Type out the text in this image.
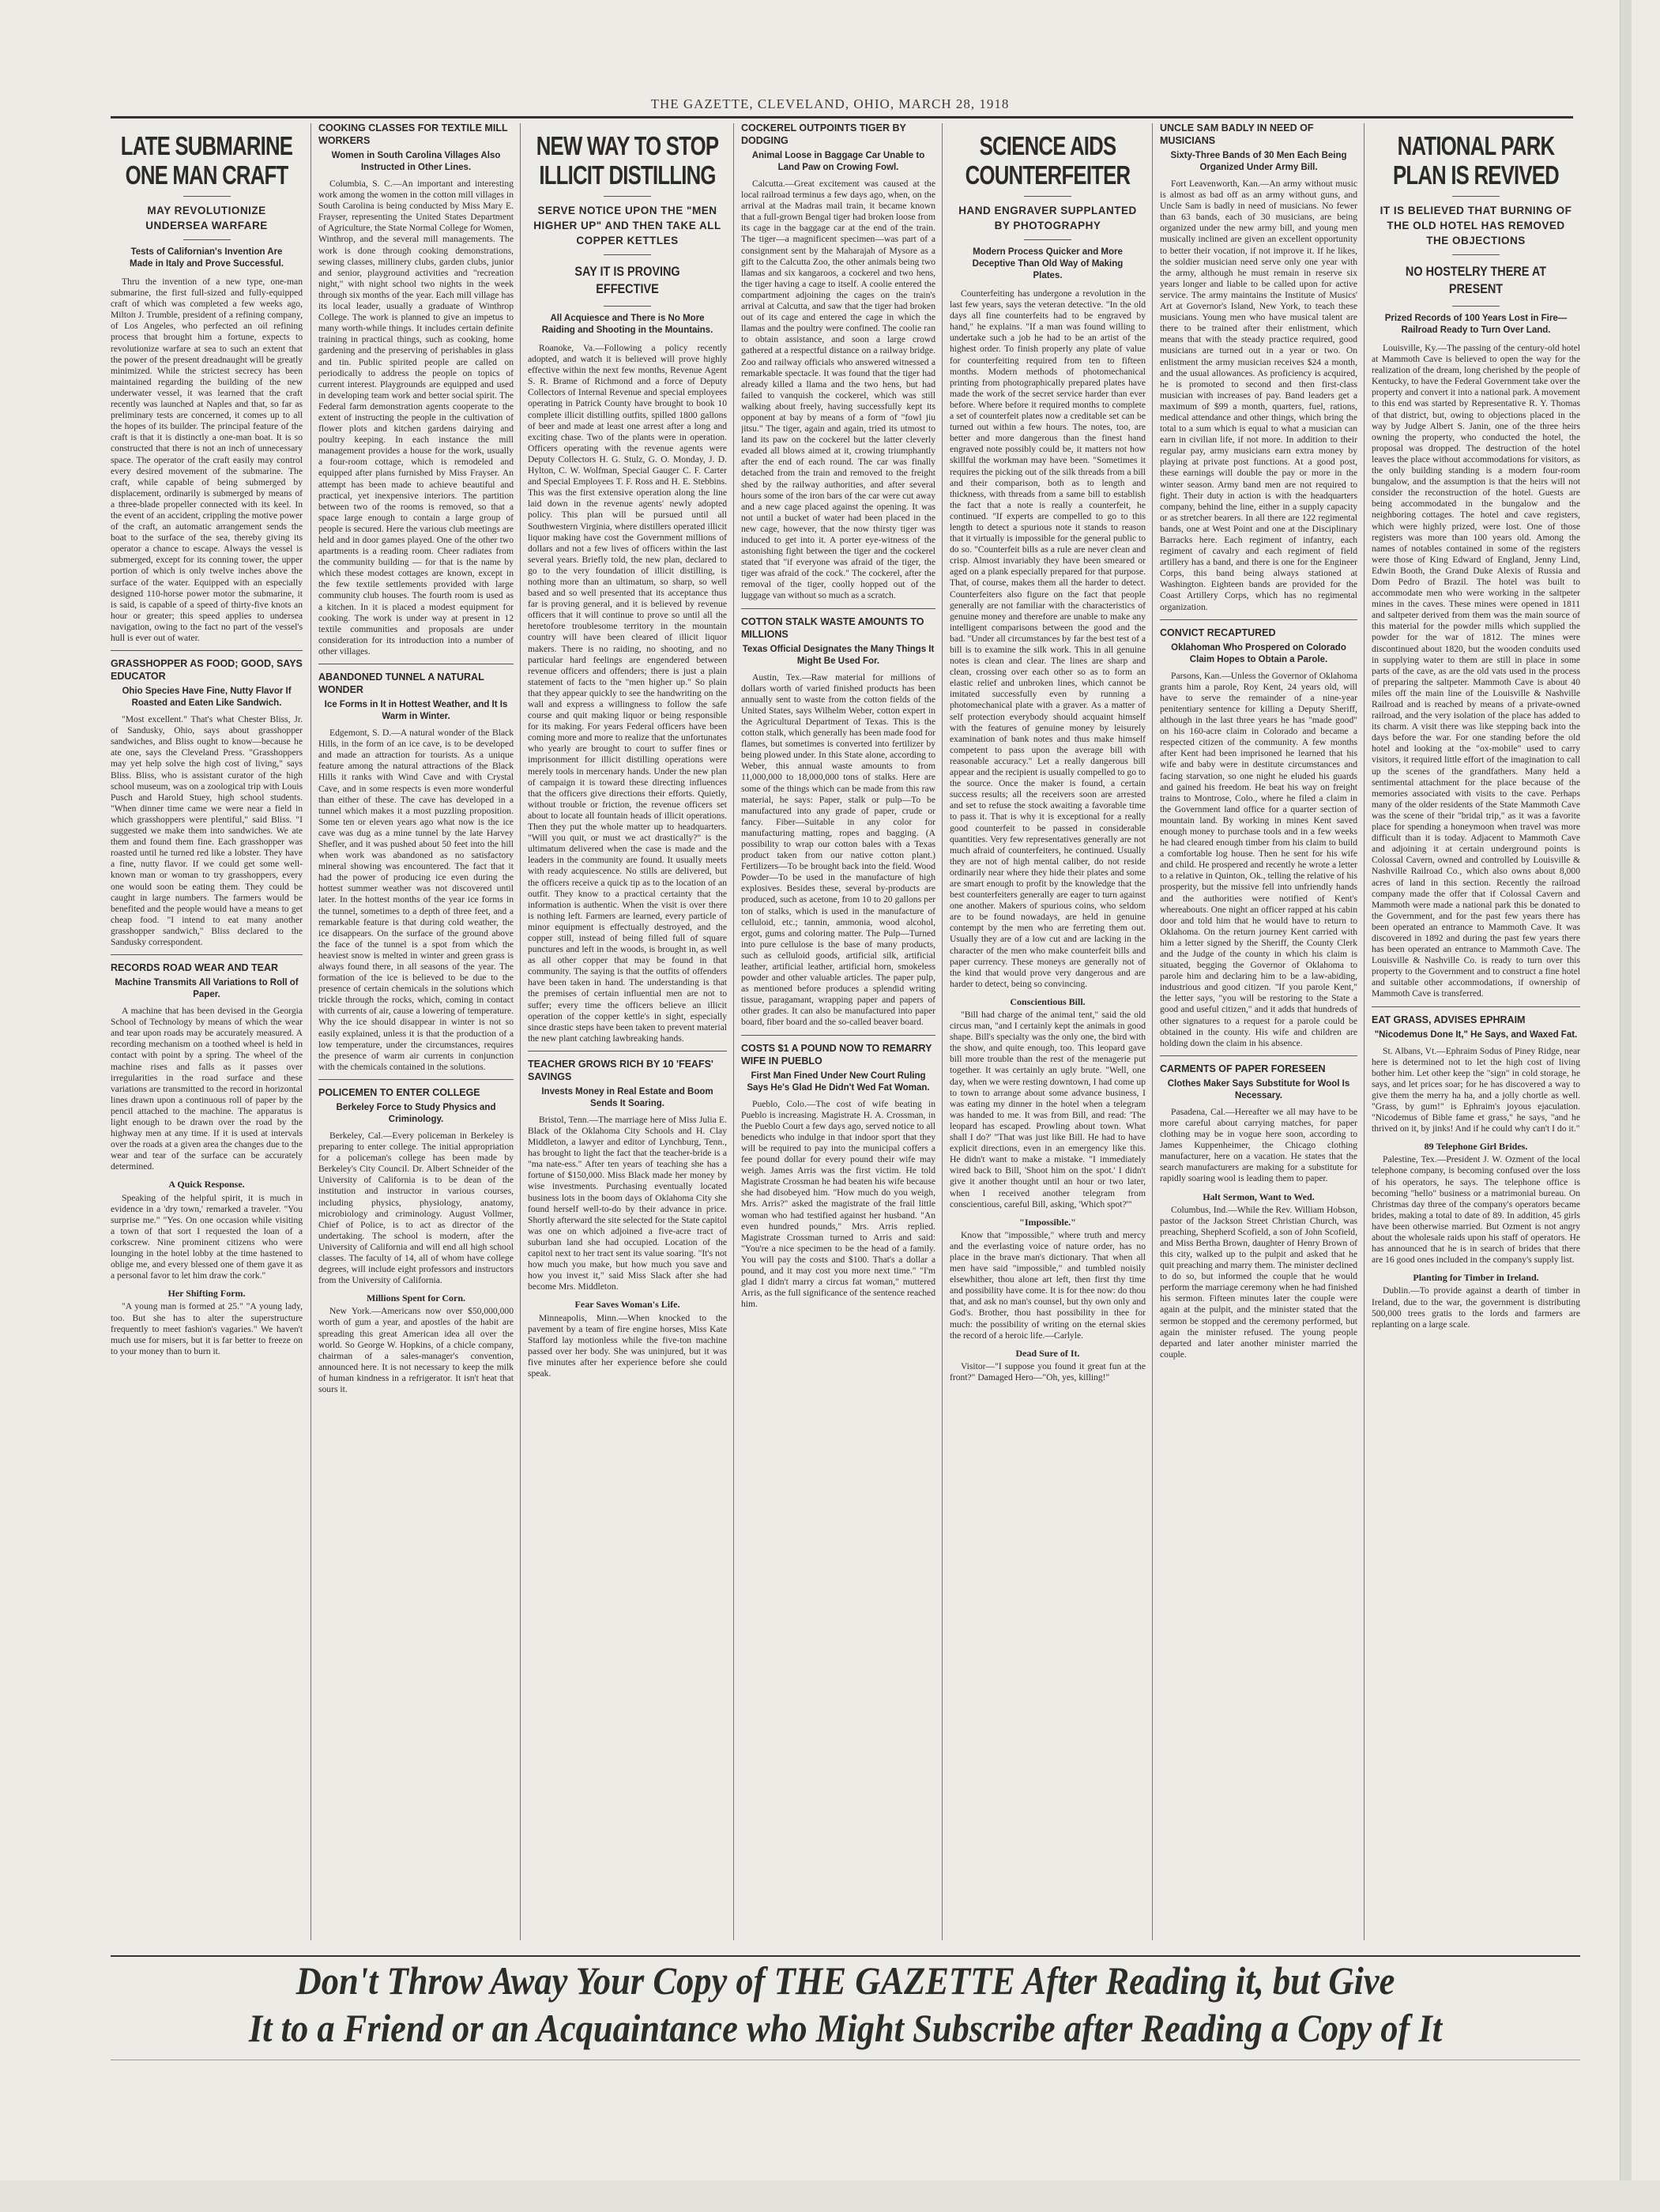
THE GAZETTE, CLEVELAND, OHIO, MARCH 28, 1918
LATE SUBMARINE
ONE MAN CRAFT
MAY REVOLUTIONIZE UNDERSEA WARFARE
Tests of Californian's Invention Are Made in Italy and Prove Successful.

Thru the invention of a new type, one-man submarine, the first full-sized and fully-equipped craft of which was completed a few weeks ago, Milton J. Trumble, president of a refining company, of Los Angeles, who perfected an oil refining process that brought him a fortune, expects to revolutionize warfare at sea to such an extent that the power of the present dreadnaught will be greatly minimized. While the strictest secrecy has been maintained regarding the building of the new underwater vessel, it was learned that the craft recently was launched at Naples and that, so far as preliminary tests are concerned, it comes up to all the hopes of its builder. The principal feature of the craft is that it is distinctly a one-man boat. It is so constructed that there is not an inch of unnecessary space. The operator of the craft easily may control every desired movement of the submarine. The craft, while capable of being submerged by displacement, ordinarily is submerged by means of a three-blade propeller connected with its keel. In the event of an accident, crippling the motive power of the craft, an automatic arrangement sends the boat to the surface of the sea, thereby giving its operator a chance to escape. Always the vessel is submerged, except for its conning tower, the upper portion of which is only twelve inches above the surface of the water. Equipped with an especially designed 110-horse power motor the submarine, it is said, is capable of a speed of thirty-five knots an hour or greater; this speed applies to undersea navigation, owing to the fact no part of the vessel's hull is ever out of water.

GRASSHOPPER AS FOOD; GOOD, SAYS EDUCATOR
Ohio Species Have Fine, Nutty Flavor If Roasted and Eaten Like Sandwich.

"Most excellent." That's what Chester Bliss, Jr. of Sandusky, Ohio, says about grasshopper sandwiches, and Bliss ought to know—because he ate one, says the Cleveland Press. "Grasshoppers may yet help solve the high cost of living," says Bliss. Bliss, who is assistant curator of the high school museum, was on a zoological trip with Louis Pusch and Harold Stuey, high school students. "When dinner time came we were near a field in which grasshoppers were plentiful," said Bliss. "I suggested we make them into sandwiches. We ate them and found them fine. Each grasshopper was roasted until he turned red like a lobster. They have a fine, nutty flavor. If we could get some well-known man or woman to try grasshoppers, every one would soon be eating them. They could be caught in large numbers. The farmers would be benefited and the people would have a means to get cheap food. "I intend to eat many another grasshopper sandwich," Bliss declared to the Sandusky correspondent.

RECORDS ROAD WEAR AND TEAR
Machine Transmits All Variations to Roll of Paper.

A machine that has been devised in the Georgia School of Technology by means of which the wear and tear upon roads may be accurately measured. A recording mechanism on a toothed wheel is held in contact with point by a spring. The wheel of the machine rises and falls as it passes over irregularities in the road surface and these variations are transmitted to the record in horizontal lines drawn upon a continuous roll of paper by the pencil attached to the machine. The apparatus is light enough to be drawn over the road by the highway men at any time. If it is used at intervals over the roads at a given area the changes due to the wear and tear of the surface can be accurately determined.

A Quick Response.

Speaking of the helpful spirit, it is much in evidence in a 'dry town,' remarked a traveler. "You surprise me." "Yes. On one occasion while visiting a town of that sort I requested the loan of a corkscrew. Nine prominent citizens who were lounging in the hotel lobby at the time hastened to oblige me, and every blessed one of them gave it as a personal favor to let him draw the cork."

Her Shifting Form.

"A young man is formed at 25." "A young lady, too. But she has to alter the superstructure frequently to meet fashion's vagaries." We haven't much use for misers, but it is far better to freeze on to your money than to burn it.

COOKING CLASSES FOR TEXTILE MILL WORKERS
Women in South Carolina Villages Also Instructed in Other Lines.

Columbia, S. C.—An important and interesting work among the women in the cotton mill villages in South Carolina is being conducted by Miss Mary E. Frayser, representing the United States Department of Agriculture, the State Normal College for Women, Winthrop, and the several mill managements. The work is done through cooking demonstrations, sewing classes, millinery clubs, garden clubs, junior and senior, playground activities and "recreation night," with night school two nights in the week through six months of the year. Each mill village has its local leader, usually a graduate of Winthrop College. The work is planned to give an impetus to many worth-while things. It includes certain definite training in practical things, such as cooking, home gardening and the preserving of perishables in glass and tin. Public spirited people are called on periodically to address the people on topics of current interest. Playgrounds are equipped and used in developing team work and better social spirit. The Federal farm demonstration agents cooperate to the extent of instructing the people in the cultivation of flower plots and kitchen gardens dairying and poultry keeping. In each instance the mill management provides a house for the work, usually a four-room cottage, which is remodeled and equipped after plans furnished by Miss Frayser. An attempt has been made to achieve beautiful and practical, yet inexpensive interiors. The partition between two of the rooms is removed, so that a space large enough to contain a large group of people is secured. Here the various club meetings are held and in door games played. One of the other two apartments is a reading room. Cheer radiates from the community building — for that is the name by which these modest cottages are known, except in the few textile settlements provided with large community club houses. The fourth room is used as a kitchen. In it is placed a modest equipment for cooking. The work is under way at present in 12 textile communities and proposals are under consideration for its introduction into a number of other villages.

ABANDONED TUNNEL A NATURAL WONDER
Ice Forms in It in Hottest Weather, and It Is Warm in Winter.

Edgemont, S. D.—A natural wonder of the Black Hills, in the form of an ice cave, is to be developed and made an attraction for tourists. As a unique feature among the natural attractions of the Black Hills it ranks with Wind Cave and with Crystal Cave, and in some respects is even more wonderful than either of these. The cave has developed in a tunnel which makes it a most puzzling proposition. Some ten or eleven years ago what now is the ice cave was dug as a mine tunnel by the late Harvey Shefler, and it was pushed about 50 feet into the hill when work was abandoned as no satisfactory mineral showing was encountered. The fact that it had the power of producing ice even during the hottest summer weather was not discovered until later. In the hottest months of the year ice forms in the tunnel, sometimes to a depth of three feet, and a remarkable feature is that during cold weather, the ice disappears. On the surface of the ground above the face of the tunnel is a spot from which the heaviest snow is melted in winter and green grass is always found there, in all seasons of the year. The formation of the ice is believed to be due to the presence of certain chemicals in the solutions which trickle through the rocks, which, coming in contact with currents of air, cause a lowering of temperature. Why the ice should disappear in winter is not so easily explained, unless it is that the production of a low temperature, under the circumstances, requires the presence of warm air currents in conjunction with the chemicals contained in the solutions.

POLICEMEN TO ENTER COLLEGE
Berkeley Force to Study Physics and Criminology.

Berkeley, Cal.—Every policeman in Berkeley is preparing to enter college. The initial appropriation for a policeman's college has been made by Berkeley's City Council. Dr. Albert Schneider of the University of California is to be dean of the institution and instructor in various courses, including physics, physiology, anatomy, microbiology and criminology. August Vollmer, Chief of Police, is to act as director of the undertaking. The school is modern, after the University of California and will end all high school classes. The faculty of 14, all of whom have college degrees, will include eight professors and instructors from the University of California.

Millions Spent for Corn.

New York.—Americans now over $50,000,000 worth of gum a year, and apostles of the habit are spreading this great American idea all over the world. So George W. Hopkins, of a chicle company, chairman of a sales-manager's convention, announced here. It is not necessary to keep the milk of human kindness in a refrigerator. It isn't heat that sours it.

NEW WAY TO STOP
ILLICIT DISTILLING
SERVE NOTICE UPON THE "MEN HIGHER UP" AND THEN TAKE ALL COPPER KETTLES
SAY IT IS PROVING EFFECTIVE
All Acquiesce and There is No More Raiding and Shooting in the Mountains.

Roanoke, Va.—Following a policy recently adopted, and watch it is believed will prove highly effective within the next few months, Revenue Agent S. R. Brame of Richmond and a force of Deputy Collectors of Internal Revenue and special employees operating in Patrick County have brought to book 10 complete illicit distilling outfits, spilled 1800 gallons of beer and made at least one arrest after a long and exciting chase. Two of the plants were in operation. Officers operating with the revenue agents were Deputy Collectors H. G. Stulz, G. O. Monday, J. D. Hylton, C. W. Wolfman, Special Gauger C. F. Carter and Special Employees T. F. Ross and H. E. Stebbins. This was the first extensive operation along the line laid down in the revenue agents' newly adopted policy. This plan will be pursued until all Southwestern Virginia, where distillers operated illicit liquor making have cost the Government millions of dollars and not a few lives of officers within the last several years. Briefly told, the new plan, declared to go to the very foundation of illicit distilling, is nothing more than an ultimatum, so sharp, so well based and so well presented that its acceptance thus far is proving general, and it is believed by revenue officers that it will continue to prove so until all the heretofore troublesome territory in the mountain country will have been cleared of illicit liquor makers. There is no raiding, no shooting, and no particular hard feelings are engendered between revenue officers and offenders; there is just a plain statement of facts to the "men higher up." So plain that they appear quickly to see the handwriting on the wall and express a willingness to follow the safe course and quit making liquor or being responsible for its making. For years Federal officers have been coming more and more to realize that the unfortunates who yearly are brought to court to suffer fines or imprisonment for illicit distilling operations were merely tools in mercenary hands. Under the new plan of campaign it is toward these directing influences that the officers give directions their efforts. Quietly, without trouble or friction, the revenue officers set about to locate all fountain heads of illicit operations. Then they put the whole matter up to headquarters. "Will you quit, or must we act drastically?" is the ultimatum delivered when the case is made and the leaders in the community are found. It usually meets with ready acquiescence. No stills are delivered, but the officers receive a quick tip as to the location of an outfit. They know to a practical certainty that the information is authentic. When the visit is over there is nothing left. Farmers are learned, every particle of minor equipment is effectually destroyed, and the copper still, instead of being filled full of square punctures and left in the woods, is brought in, as well as all other copper that may be found in that community. The saying is that the outfits of offenders have been taken in hand. The understanding is that the premises of certain influential men are not to suffer; every time the officers believe an illicit operation of the copper kettle's in sight, especially since drastic steps have been taken to prevent material the new plant catching lawbreaking hands.

TEACHER GROWS RICH BY 10 'FEAFS' SAVINGS
Invests Money in Real Estate and Boom Sends It Soaring.

Bristol, Tenn.—The marriage here of Miss Julia E. Black of the Oklahoma City Schools and H. Clay Middleton, a lawyer and editor of Lynchburg, Tenn., has brought to light the fact that the teacher-bride is a "ma nate-ess." After ten years of teaching she has a fortune of $150,000. Miss Black made her money by wise investments. Purchasing eventually located business lots in the boom days of Oklahoma City she found herself well-to-do by their advance in price. Shortly afterward the site selected for the State capitol was one on which adjoined a five-acre tract of suburban land she had occupied. Location of the capitol next to her tract sent its value soaring. "It's not how much you make, but how much you save and how you invest it," said Miss Slack after she had become Mrs. Middleton.

Fear Saves Woman's Life.

Minneapolis, Minn.—When knocked to the pavement by a team of fire engine horses, Miss Kate Stafford lay motionless while the five-ton machine passed over her body. She was uninjured, but it was five minutes after her experience before she could speak.

COCKEREL OUTPOINTS TIGER BY DODGING
Animal Loose in Baggage Car Unable to Land Paw on Crowing Fowl.

Calcutta.—Great excitement was caused at the local railroad terminus a few days ago, when, on the arrival at the Madras mail train, it became known that a full-grown Bengal tiger had broken loose from its cage in the baggage car at the end of the train. The tiger—a magnificent specimen—was part of a consignment sent by the Maharajah of Mysore as a gift to the Calcutta Zoo, the other animals being two llamas and six kangaroos, a cockerel and two hens, the tiger having a cage to itself. A coolie entered the compartment adjoining the cages on the train's arrival at Calcutta, and saw that the tiger had broken out of its cage and entered the cage in which the llamas and the poultry were confined. The coolie ran to obtain assistance, and soon a large crowd gathered at a respectful distance on a railway bridge. Zoo and railway officials who answered witnessed a remarkable spectacle. It was found that the tiger had already killed a llama and the two hens, but had failed to vanquish the cockerel, which was still walking about freely, having successfully kept its opponent at bay by means of a form of "fowl jiu jitsu." The tiger, again and again, tried its utmost to land its paw on the cockerel but the latter cleverly evaded all blows aimed at it, crowing triumphantly after the end of each round. The car was finally detached from the train and removed to the freight shed by the railway authorities, and after several hours some of the iron bars of the car were cut away and a new cage placed against the opening. It was not until a bucket of water had been placed in the new cage, however, that the now thirsty tiger was induced to get into it. A porter eye-witness of the astonishing fight between the tiger and the cockerel stated that "if everyone was afraid of the tiger, the tiger was afraid of the cock." The cockerel, after the removal of the tiger, coolly hopped out of the luggage van without so much as a scratch.

COTTON STALK WASTE AMOUNTS TO MILLIONS
Texas Official Designates the Many Things It Might Be Used For.

Austin, Tex.—Raw material for millions of dollars worth of varied finished products has been annually sent to waste from the cotton fields of the United States, says Wilhelm Weber, cotton expert in the Agricultural Department of Texas. This is the cotton stalk, which generally has been made food for flames, but sometimes is converted into fertilizer by being plowed under. In this State alone, according to Weber, this annual waste amounts to from 11,000,000 to 18,000,000 tons of stalks. Here are some of the things which can be made from this raw material, he says: Paper, stalk or pulp—To be manufactured into any grade of paper, crude or fancy. Fiber—Suitable in any color for manufacturing matting, ropes and bagging. (A possibility to wrap our cotton bales with a Texas product taken from our native cotton plant.) Fertilizers—To be brought back into the field. Wood Powder—To be used in the manufacture of high explosives. Besides these, several by-products are produced, such as acetone, from 10 to 20 gallons per ton of stalks, which is used in the manufacture of celluloid, etc.; tannin, ammonia, wood alcohol, ergot, gums and coloring matter. The Pulp—Turned into pure cellulose is the base of many products, such as celluloid goods, artificial silk, artificial leather, artificial leather, artificial horn, smokeless powder and other valuable articles. The paper pulp, as mentioned before produces a splendid writing tissue, paragamant, wrapping paper and papers of other grades. It can also be manufactured into paper board, fiber board and the so-called beaver board.

COSTS $1 A POUND NOW TO REMARRY WIFE IN PUEBLO
First Man Fined Under New Court Ruling Says He's Glad He Didn't Wed Fat Woman.

Pueblo, Colo.—The cost of wife beating in Pueblo is increasing. Magistrate H. A. Crossman, in the Pueblo Court a few days ago, served notice to all benedicts who indulge in that indoor sport that they will be required to pay into the municipal coffers a fee pound dollar for every pound their wife may weigh. James Arris was the first victim. He told Magistrate Crossman he had beaten his wife because she had disobeyed him. "How much do you weigh, Mrs. Arris?" asked the magistrate of the frail little woman who had testified against her husband. "An even hundred pounds," Mrs. Arris replied. Magistrate Crossman turned to Arris and said: "You're a nice specimen to be the head of a family. You will pay the costs and $100. That's a dollar a pound, and it may cost you more next time." "I'm glad I didn't marry a circus fat woman," muttered Arris, as the full significance of the sentence reached him.

SCIENCE AIDS
COUNTERFEITER
HAND ENGRAVER SUPPLANTED BY PHOTOGRAPHY
Modern Process Quicker and More Deceptive Than Old Way of Making Plates.

Counterfeiting has undergone a revolution in the last few years, says the veteran detective. "In the old days all fine counterfeits had to be engraved by hand," he explains. "If a man was found willing to undertake such a job he had to be an artist of the highest order. To finish properly any plate of value for counterfeiting required from ten to fifteen months. Modern methods of photomechanical printing from photographically prepared plates have made the work of the secret service harder than ever before. Where before it required months to complete a set of counterfeit plates now a creditable set can be turned out within a few hours. The notes, too, are better and more dangerous than the finest hand engraved note possibly could be, it matters not how skillful the workman may have been. "Sometimes it requires the picking out of the silk threads from a bill and their comparison, both as to length and thickness, with threads from a same bill to establish the fact that a note is really a counterfeit, he continued. "If experts are compelled to go to this length to detect a spurious note it stands to reason that it virtually is impossible for the general public to do so. "Counterfeit bills as a rule are never clean and crisp. Almost invariably they have been smeared or aged on a plank especially prepared for that purpose. That, of course, makes them all the harder to detect. Counterfeiters also figure on the fact that people generally are not familiar with the characteristics of genuine money and therefore are unable to make any intelligent comparisons between the good and the bad. "Under all circumstances by far the best test of a bill is to examine the silk work. This in all genuine notes is clean and clear. The lines are sharp and clean, crossing over each other so as to form an elastic relief and unbroken lines, which cannot be imitated successfully even by running a photomechanical plate with a graver. As a matter of self protection everybody should acquaint himself with the features of genuine money by leisurely examination of bank notes and thus make himself competent to pass upon the average bill with reasonable accuracy." Let a really dangerous bill appear and the recipient is usually compelled to go to the source. Once the maker is found, a certain success results; all the receivers soon are arrested and set to refuse the stock awaiting a favorable time to pass it. That is why it is exceptional for a really good counterfeit to be passed in considerable quantities. Very few representatives generally are not much afraid of counterfeiters, he continued. Usually they are not of high mental caliber, do not reside ordinarily near where they hide their plates and some are smart enough to profit by the knowledge that the best counterfeiters generally are eager to turn against one another. Makers of spurious coins, who seldom are to be found nowadays, are held in genuine contempt by the men who are ferreting them out. Usually they are of a low cut and are lacking in the character of the men who make counterfeit bills and paper currency. These moneys are generally not of the kind that would prove very dangerous and are harder to detect, being so convincing.

Conscientious Bill.

"Bill had charge of the animal tent," said the old circus man, "and I certainly kept the animals in good shape. Bill's specialty was the only one, the bird with the show, and quite enough, too. This leopard gave bill more trouble than the rest of the menagerie put together. It was certainly an ugly brute. "Well, one day, when we were resting downtown, I had come up to town to arrange about some advance business, I was eating my dinner in the hotel when a telegram was handed to me. It was from Bill, and read: 'The leopard has escaped. Prowling about town. What shall I do?' "That was just like Bill. He had to have explicit directions, even in an emergency like this. He didn't want to make a mistake. "I immediately wired back to Bill, 'Shoot him on the spot.' I didn't give it another thought until an hour or two later, when I received another telegram from conscientious, careful Bill, asking, 'Which spot?'"

"Impossible."

Know that "impossible," where truth and mercy and the everlasting voice of nature order, has no place in the brave man's dictionary. That when all men have said "impossible," and tumbled noisily elsewhither, thou alone art left, then first thy time and possibility have come. It is for thee now: do thou that, and ask no man's counsel, but thy own only and God's. Brother, thou hast possibility in thee for much: the possibility of writing on the eternal skies the record of a heroic life.—Carlyle.

Dead Sure of It.

Visitor—"I suppose you found it great fun at the front?" Damaged Hero—"Oh, yes, killing!"

UNCLE SAM BADLY IN NEED OF MUSICIANS
Sixty-Three Bands of 30 Men Each Being Organized Under Army Bill.

Fort Leavenworth, Kan.—An army without music is almost as bad off as an army without guns, and Uncle Sam is badly in need of musicians. No fewer than 63 bands, each of 30 musicians, are being organized under the new army bill, and young men musically inclined are given an excellent opportunity to better their vocation, if not improve it. If he likes, the soldier musician need serve only one year with the army, although he must remain in reserve six years longer and liable to be called upon for active service. The army maintains the Institute of Musics' Art at Governor's Island, New York, to teach these musicians. Young men who have musical talent are there to be trained after their enlistment, which means that with the steady practice required, good musicians are turned out in a year or two. On enlistment the army musician receives $24 a month, and the usual allowances. As proficiency is acquired, he is promoted to second and then first-class musician with increases of pay. Band leaders get a maximum of $99 a month, quarters, fuel, rations, medical attendance and other things, which bring the total to a sum which is equal to what a musician can earn in civilian life, if not more. In addition to their regular pay, army musicians earn extra money by playing at private post functions. At a good post, these earnings will double the pay or more in the winter season. Army band men are not required to fight. Their duty in action is with the headquarters company, behind the line, either in a supply capacity or as stretcher bearers. In all there are 122 regimental bands, one at West Point and one at the Disciplinary Barracks here. Each regiment of infantry, each regiment of cavalry and each regiment of field artillery has a band, and there is one for the Engineer Corps, this band being always stationed at Washington. Eighteen bands are provided for the Coast Artillery Corps, which has no regimental organization.

CONVICT RECAPTURED
Oklahoman Who Prospered on Colorado Claim Hopes to Obtain a Parole.

Parsons, Kan.—Unless the Governor of Oklahoma grants him a parole, Roy Kent, 24 years old, will have to serve the remainder of a nine-year penitentiary sentence for killing a Deputy Sheriff, although in the last three years he has "made good" on his 160-acre claim in Colorado and became a respected citizen of the community. A few months after Kent had been imprisoned he learned that his wife and baby were in destitute circumstances and facing starvation, so one night he eluded his guards and gained his freedom. He beat his way on freight trains to Montrose, Colo., where he filed a claim in the Government land office for a quarter section of mountain land. By working in mines Kent saved enough money to purchase tools and in a few weeks he had cleared enough timber from his claim to build a comfortable log house. Then he sent for his wife and child. He prospered and recently he wrote a letter to a relative in Quinton, Ok., telling the relative of his prosperity, but the missive fell into unfriendly hands and the authorities were notified of Kent's whereabouts. One night an officer rapped at his cabin door and told him that he would have to return to Oklahoma. On the return journey Kent carried with him a letter signed by the Sheriff, the County Clerk and the Judge of the county in which his claim is situated, begging the Governor of Oklahoma to parole him and declaring him to be a law-abiding, industrious and good citizen. "If you parole Kent," the letter says, "you will be restoring to the State a good and useful citizen," and it adds that hundreds of other signatures to a request for a parole could be obtained in the county. His wife and children are holding down the claim in his absence.

CARMENTS OF PAPER FORESEEN
Clothes Maker Says Substitute for Wool Is Necessary.

Pasadena, Cal.—Hereafter we all may have to be more careful about carrying matches, for paper clothing may be in vogue here soon, according to James Kuppenheimer, the Chicago clothing manufacturer, here on a vacation. He states that the search manufacturers are making for a substitute for rapidly soaring wool is leading them to paper.

Halt Sermon, Want to Wed.

Columbus, Ind.—While the Rev. William Hobson, pastor of the Jackson Street Christian Church, was preaching, Shepherd Scofield, a son of John Scofield, and Miss Bertha Brown, daughter of Henry Brown of this city, walked up to the pulpit and asked that he quit preaching and marry them. The minister declined to do so, but informed the couple that he would perform the marriage ceremony when he had finished his sermon. Fifteen minutes later the couple were again at the pulpit, and the minister stated that the sermon be stopped and the ceremony performed, but again the minister refused. The young people departed and later another minister married the couple.

NATIONAL PARK
PLAN IS REVIVED
IT IS BELIEVED THAT BURNING OF THE OLD HOTEL HAS REMOVED THE OBJECTIONS
NO HOSTELRY THERE AT PRESENT
Prized Records of 100 Years Lost in Fire—Railroad Ready to Turn Over Land.

Louisville, Ky.—The passing of the century-old hotel at Mammoth Cave is believed to open the way for the realization of the dream, long cherished by the people of Kentucky, to have the Federal Government take over the property and convert it into a national park. A movement to this end was started by Representative R. Y. Thomas of that district, but, owing to objections placed in the way by Judge Albert S. Janin, one of the three heirs owning the property, who conducted the hotel, the proposal was dropped. The destruction of the hotel leaves the place without accommodations for visitors, as the only building standing is a modern four-room bungalow, and the assumption is that the heirs will not consider the reconstruction of the hotel. Guests are being accommodated in the bungalow and the neighboring cottages. The hotel and cave registers, which were highly prized, were lost. One of those registers was more than 100 years old. Among the names of notables contained in some of the registers were those of King Edward of England, Jenny Lind, Edwin Booth, the Grand Duke Alexis of Russia and Dom Pedro of Brazil. The hotel was built to accommodate men who were working in the saltpeter mines in the caves. These mines were opened in 1811 and saltpeter derived from them was the main source of this material for the powder mills which supplied the powder for the war of 1812. The mines were discontinued about 1820, but the wooden conduits used in supplying water to them are still in place in some parts of the cave, as are the old vats used in the process of preparing the saltpeter. Mammoth Cave is about 40 miles off the main line of the Louisville & Nashville Railroad and is reached by means of a private-owned railroad, and the very isolation of the place has added to its charm. A visit there was like stepping back into the days before the war. For one standing before the old hotel and looking at the "ox-mobile" used to carry visitors, it required little effort of the imagination to call up the scenes of the grandfathers. Many held a sentimental attachment for the place because of the memories associated with visits to the cave. Perhaps many of the older residents of the State Mammoth Cave was the scene of their "bridal trip," as it was a favorite place for spending a honeymoon when travel was more difficult than it is today. Adjacent to Mammoth Cave and adjoining it at certain underground points is Colossal Cavern, owned and controlled by Louisville & Nashville Railroad Co., which also owns about 8,000 acres of land in this section. Recently the railroad company made the offer that if Colossal Cavern and Mammoth were made a national park this be donated to the Government, and for the past few years there has been operated an entrance to Mammoth Cave. It was discovered in 1892 and during the past few years there has been operated an entrance to Mammoth Cave. The Louisville & Nashville Co. is ready to turn over this property to the Government and to construct a fine hotel and suitable other accommodations, if ownership of Mammoth Cave is transferred.

EAT GRASS, ADVISES EPHRAIM
"Nicodemus Done It," He Says, and Waxed Fat.

St. Albans, Vt.—Ephraim Sodus of Piney Ridge, near here is determined not to let the high cost of living bother him. Let other keep the "sign" in cold storage, he says, and let prices soar; for he has discovered a way to give them the merry ha ha, and a jolly chortle as well. "Grass, by gum!" is Ephraim's joyous ejaculation. "Nicodemus of Bible fame et grass," he says, "and he thrived on it, by jinks! And if he could why can't I do it."

89 Telephone Girl Brides.

Palestine, Tex.—President J. W. Ozment of the local telephone company, is becoming confused over the loss of his operators, he says. The telephone office is becoming "hello" business or a matrimonial bureau. On Christmas day three of the company's operators became brides, making a total to date of 89. In addition, 45 girls have been otherwise married. But Ozment is not angry about the wholesale raids upon his staff of operators. He has announced that he is in search of brides that there are 16 good ones included in the company's supply list.

Planting for Timber in Ireland.

Dublin.—To provide against a dearth of timber in Ireland, due to the war, the government is distributing 500,000 trees gratis to the lords and farmers are replanting on a large scale.

Don't Throw Away Your Copy of THE GAZETTE After Reading it, but Give
It to a Friend or an Acquaintance who Might Subscribe after Reading a Copy of It
